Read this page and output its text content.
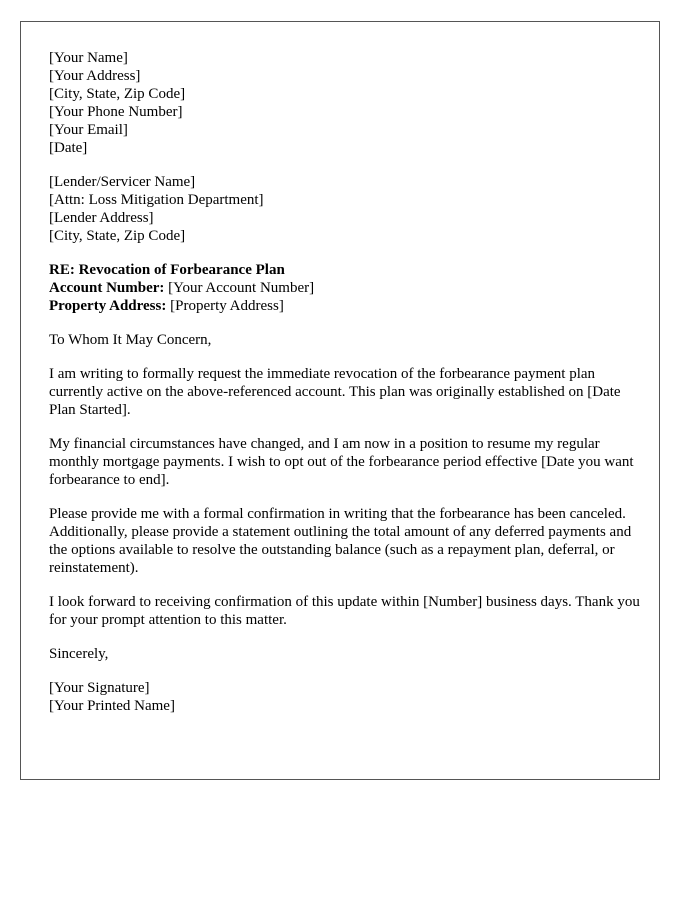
[Your Name]
[Your Address]
[City, State, Zip Code]
[Your Phone Number]
[Your Email]
[Date]
[Lender/Servicer Name]
[Attn: Loss Mitigation Department]
[Lender Address]
[City, State, Zip Code]
RE: Revocation of Forbearance Plan
Account Number: [Your Account Number]
Property Address: [Property Address]

To Whom It May Concern,

I am writing to formally request the immediate revocation of the forbearance payment plan currently active on the above-referenced account. This plan was originally established on [Date Plan Started].

My financial circumstances have changed, and I am now in a position to resume my regular monthly mortgage payments. I wish to opt out of the forbearance period effective [Date you want forbearance to end].

Please provide me with a formal confirmation in writing that the forbearance has been canceled. Additionally, please provide a statement outlining the total amount of any deferred payments and the options available to resolve the outstanding balance (such as a repayment plan, deferral, or reinstatement).

I look forward to receiving confirmation of this update within [Number] business days. Thank you for your prompt attention to this matter.

Sincerely,

[Your Signature]
[Your Printed Name]
